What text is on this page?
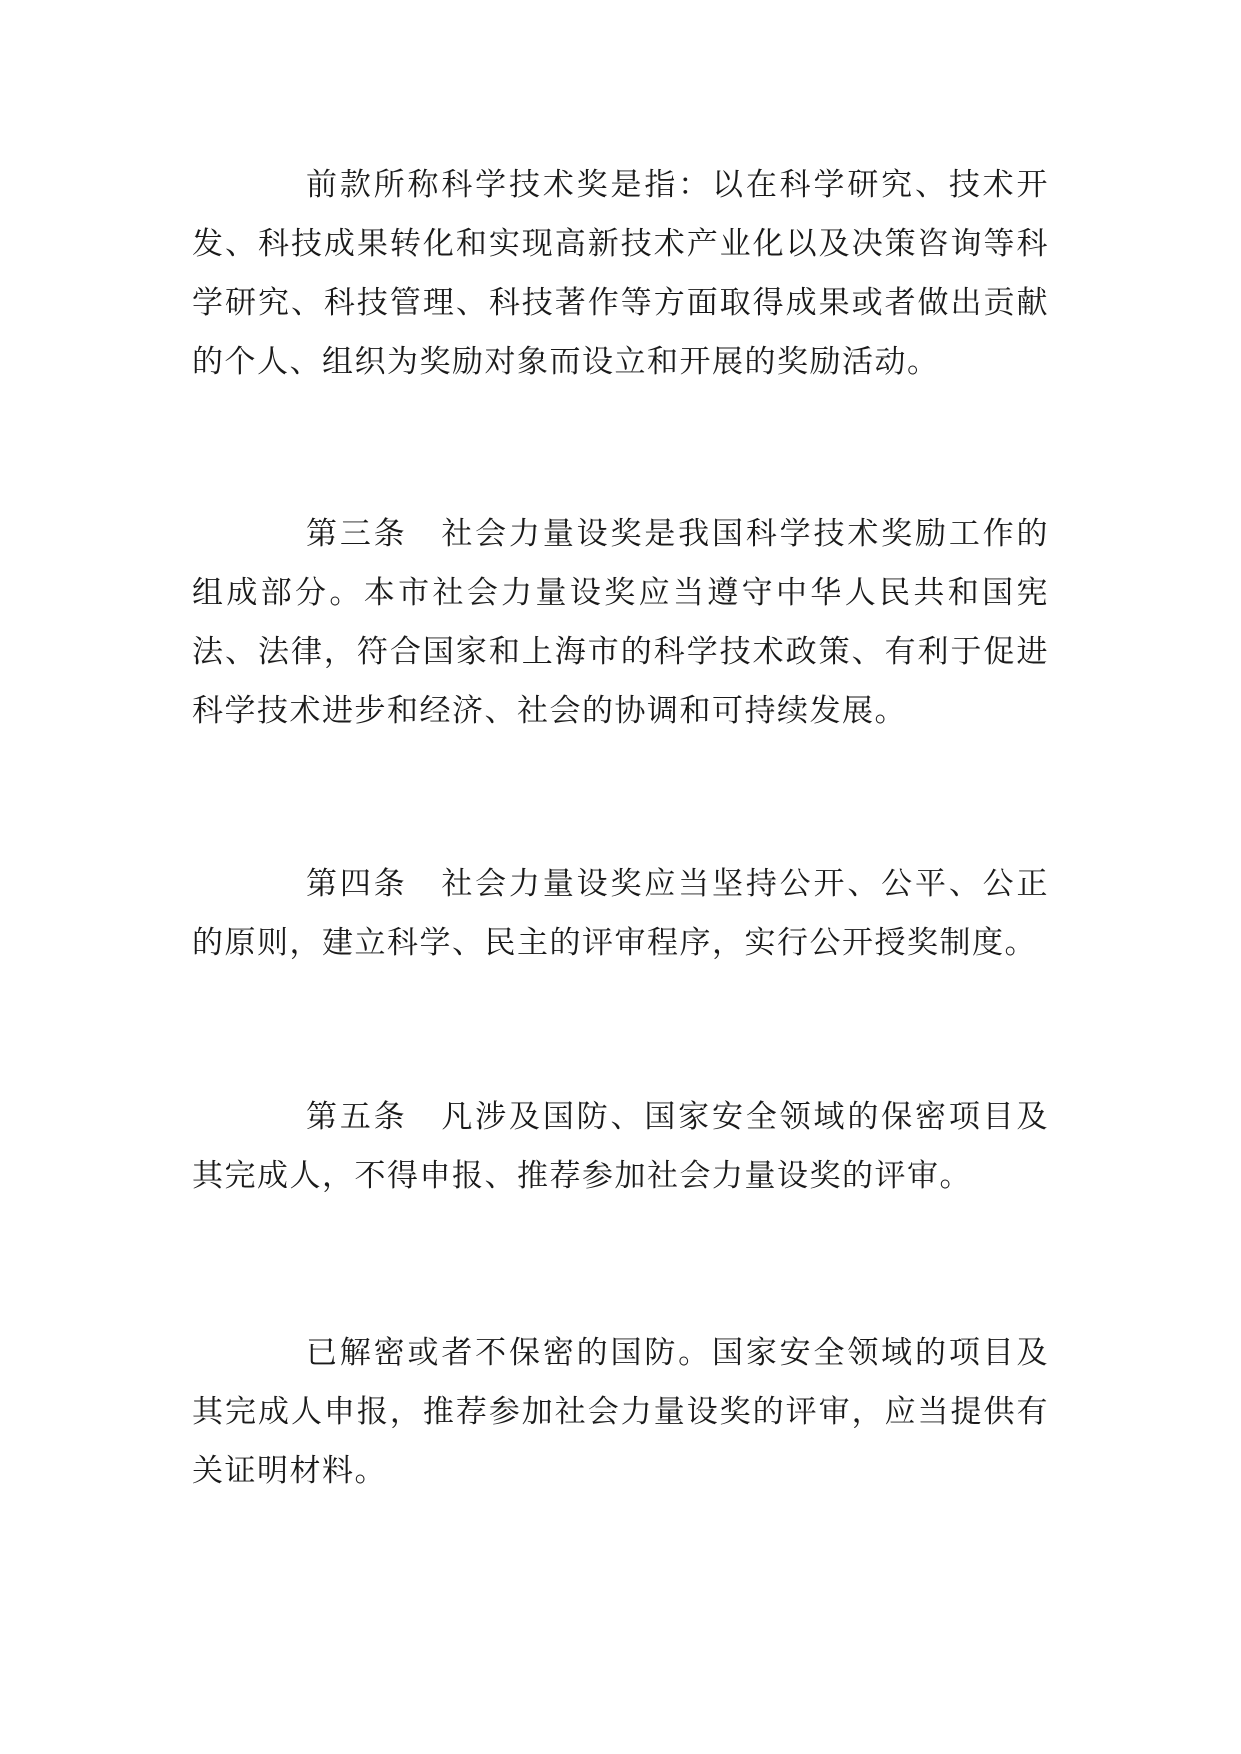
前款所称科学技术奖是指：以在科学研究、技术开发、科技成果转化和实现高新技术产业化以及决策咨询等科学研究、科技管理、科技著作等方面取得成果或者做出贡献的个人、组织为奖励对象而设立和开展的奖励活动。

第三条　社会力量设奖是我国科学技术奖励工作的组成部分。本市社会力量设奖应当遵守中华人民共和国宪法、法律，符合国家和上海市的科学技术政策、有利于促进科学技术进步和经济、社会的协调和可持续发展。

第四条　社会力量设奖应当坚持公开、公平、公正的原则，建立科学、民主的评审程序，实行公开授奖制度。

第五条　凡涉及国防、国家安全领域的保密项目及其完成人，不得申报、推荐参加社会力量设奖的评审。

已解密或者不保密的国防。国家安全领域的项目及其完成人申报，推荐参加社会力量设奖的评审，应当提供有关证明材料。
